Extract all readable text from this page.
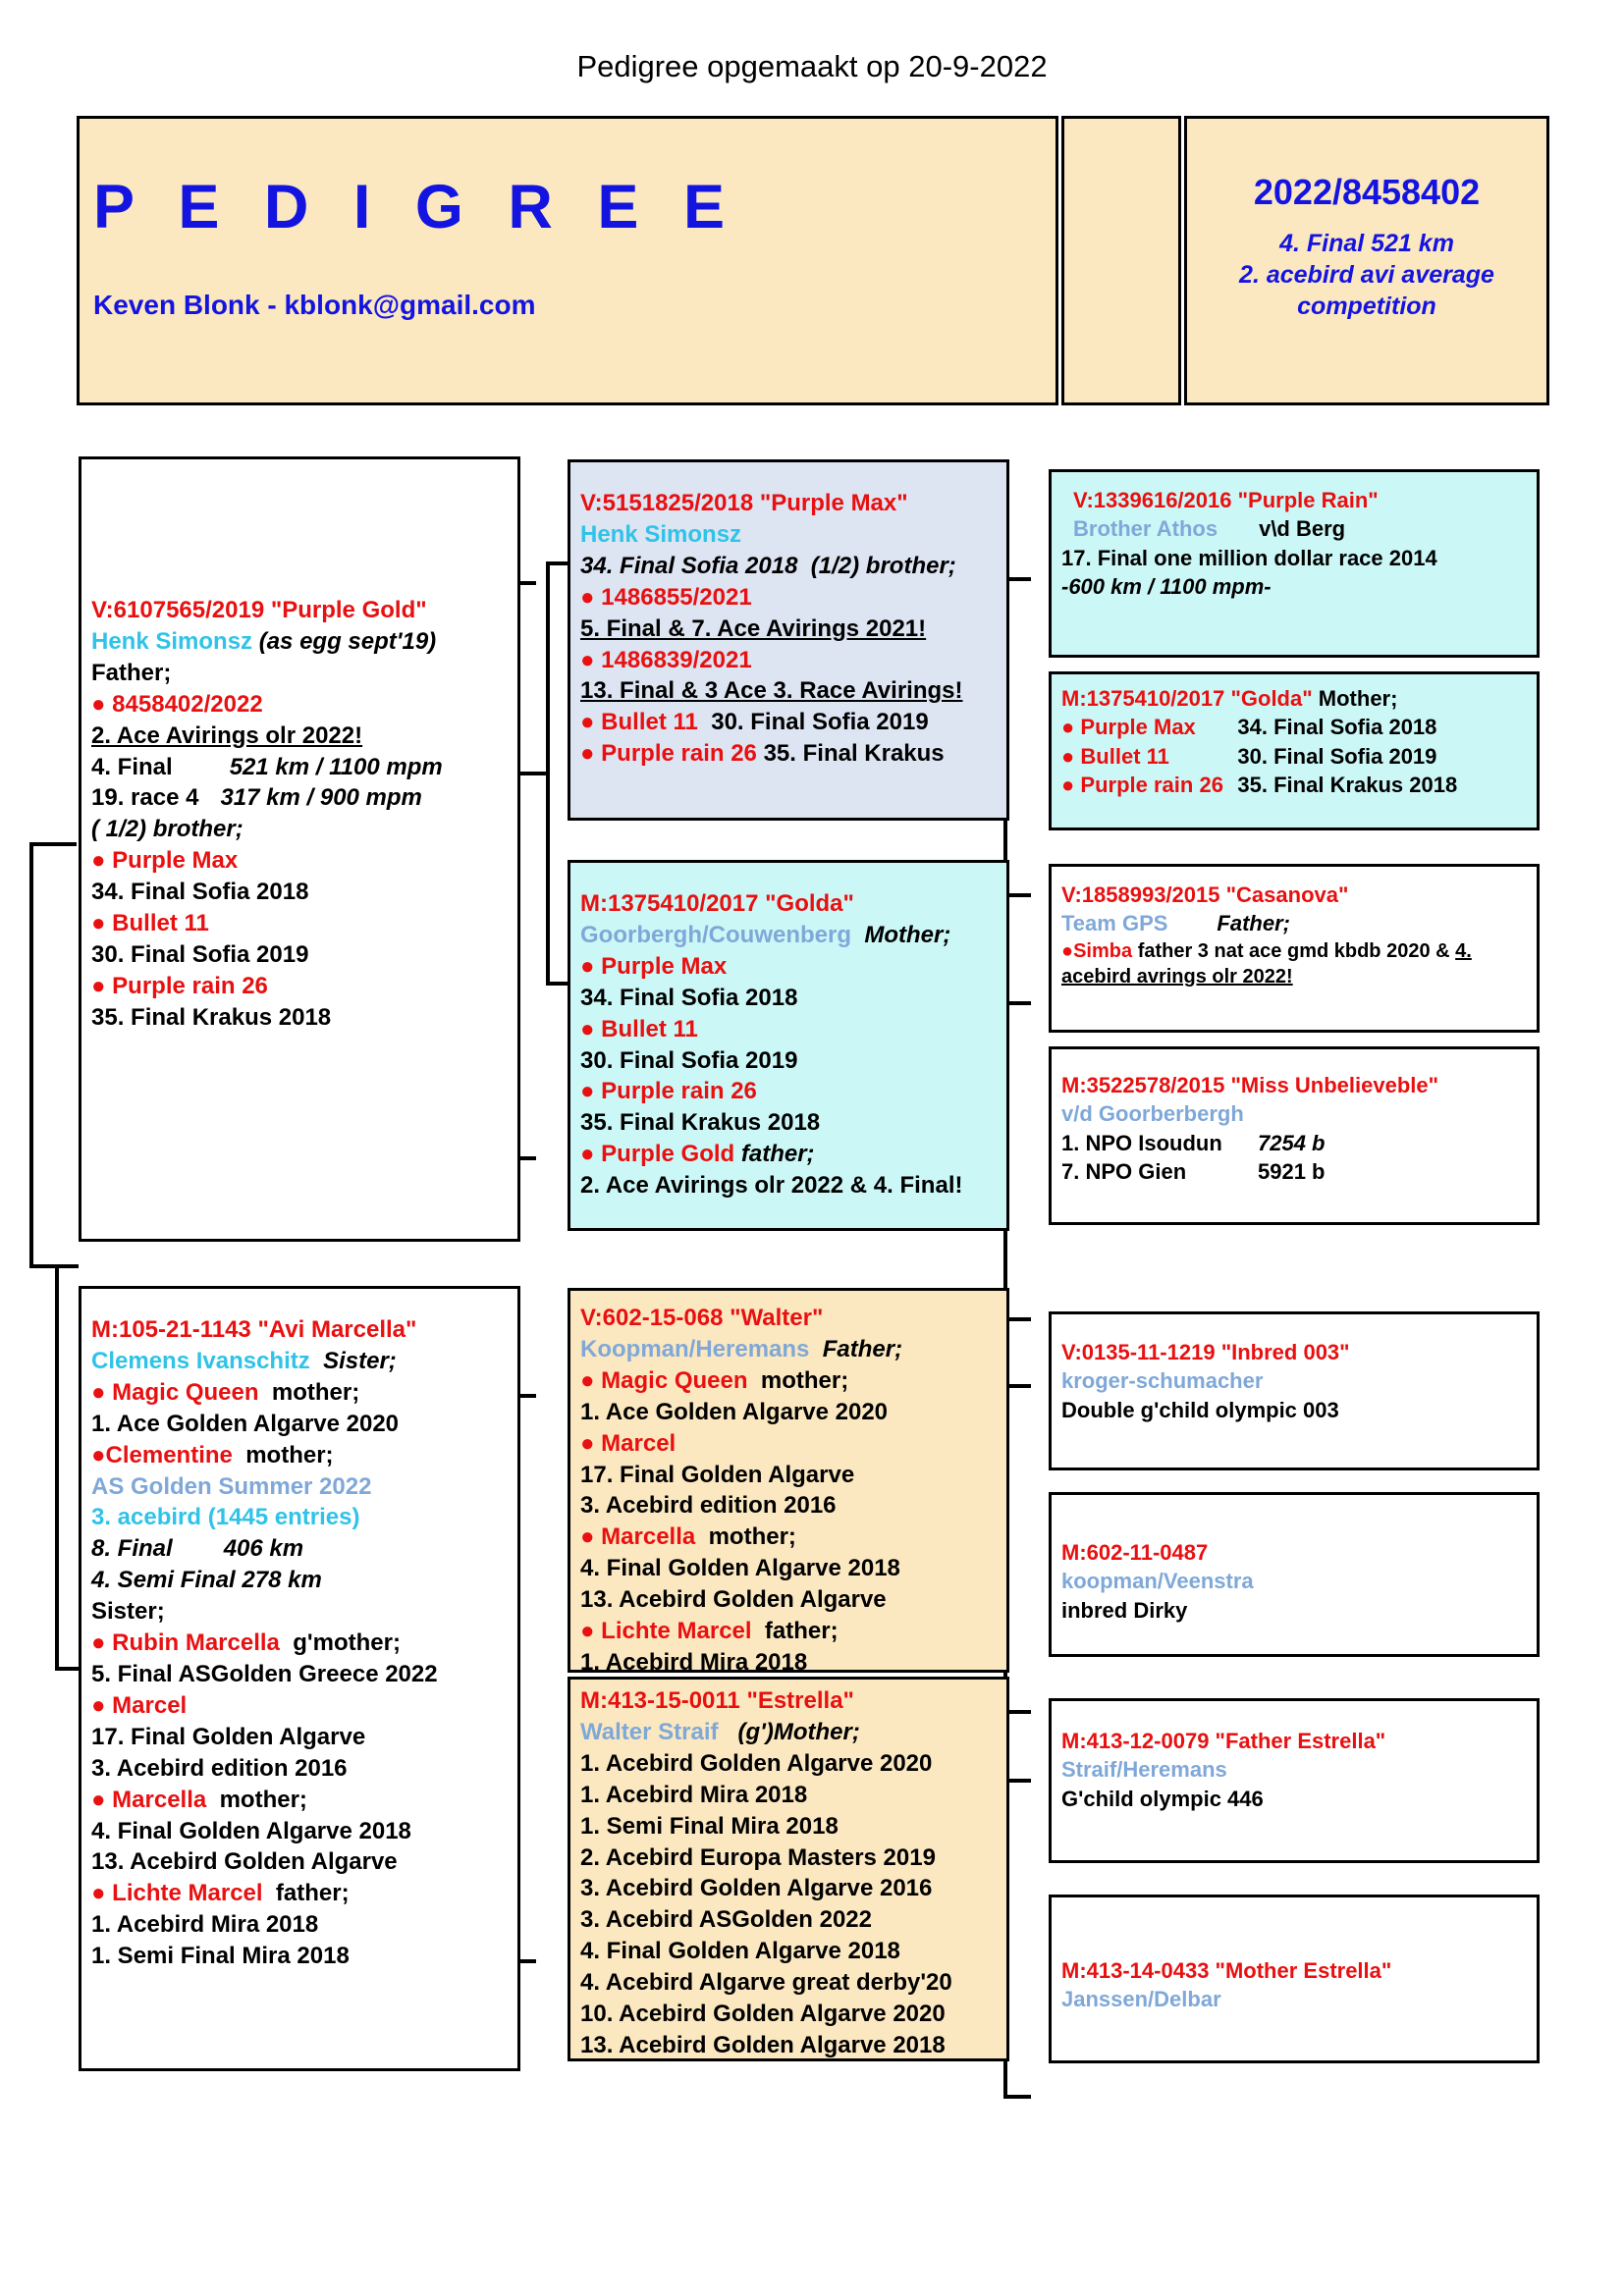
Pedigree opgemaakt op 20-9-2022
P E D I G R E E
Keven Blonk - kblonk@gmail.com
2022/8458402
4. Final 521 km
2. acebird avi average
competition
V:6107565/2019 "Purple Gold"
Henk Simonsz (as egg sept'19)
Father;
● 8458402/2022
2. Ace Avirings olr 2022!
4. Final 521 km / 1100 mpm
19. race 4 317 km / 900 mpm
( 1/2) brother;
● Purple Max
34. Final Sofia 2018
● Bullet 11
30. Final Sofia 2019
● Purple rain 26
35. Final Krakus 2018
M:105-21-1143 "Avi Marcella"
Clemens Ivanschitz Sister;
● Magic Queen mother;
1. Ace Golden Algarve 2020
●Clementine mother;
AS Golden Summer 2022
3. acebird (1445 entries)
8. Final 406 km
4. Semi Final 278 km
Sister;
● Rubin Marcella g'mother;
5. Final ASGolden Greece 2022
● Marcel
17. Final Golden Algarve
3. Acebird edition 2016
● Marcella mother;
4. Final Golden Algarve 2018
13. Acebird Golden Algarve
● Lichte Marcel father;
1. Acebird Mira 2018
1. Semi Final Mira 2018
V:5151825/2018 "Purple Max"
Henk Simonsz
34. Final Sofia 2018 (1/2) brother;
● 1486855/2021
5. Final & 7. Ace Avirings 2021!
● 1486839/2021
13. Final & 3 Ace 3. Race Avirings!
● Bullet 11 30. Final Sofia 2019
● Purple rain 26 35. Final Krakus
M:1375410/2017 "Golda"
Goorbergh/Couwenberg Mother;
● Purple Max
34. Final Sofia 2018
● Bullet 11
30. Final Sofia 2019
● Purple rain 26
35. Final Krakus 2018
● Purple Gold father;
2. Ace Avirings olr 2022 & 4. Final!
V:602-15-068 "Walter"
Koopman/Heremans Father;
● Magic Queen mother;
1. Ace Golden Algarve 2020
● Marcel
17. Final Golden Algarve
3. Acebird edition 2016
● Marcella mother;
4. Final Golden Algarve 2018
13. Acebird Golden Algarve
● Lichte Marcel father;
1. Acebird Mira 2018
M:413-15-0011 "Estrella"
Walter Straif (g')Mother;
1. Acebird Golden Algarve 2020
1. Acebird Mira 2018
1. Semi Final Mira 2018
2. Acebird Europa Masters 2019
3. Acebird Golden Algarve 2016
3. Acebird ASGolden 2022
4. Final Golden Algarve 2018
4. Acebird Algarve great derby'20
10. Acebird Golden Algarve 2020
13. Acebird Golden Algarve 2018
V:1339616/2016 "Purple Rain"
Brother Athos v\d Berg
17. Final one million dollar race 2014
-600 km / 1100 mpm-
M:1375410/2017 "Golda" Mother;
● Purple Max 34. Final Sofia 2018
● Bullet 11	30. Final Sofia 2019
● Purple rain 26 35. Final Krakus 2018
V:1858993/2015 "Casanova"
Team GPS Father;
●Simba father 3 nat ace gmd kbdb 2020 & 4.
acebird avrings olr 2022!
M:3522578/2015 "Miss Unbelieveble"
v/d Goorberbergh
1. NPO Isoudun 7254 b
7. NPO Gien	5921 b
V:0135-11-1219 "Inbred 003"
kroger-schumacher
Double g'child olympic 003
M:602-11-0487
koopman/Veenstra
inbred Dirky
M:413-12-0079 "Father Estrella"
Straif/Heremans
G'child olympic 446
M:413-14-0433 "Mother Estrella"
Janssen/Delbar
